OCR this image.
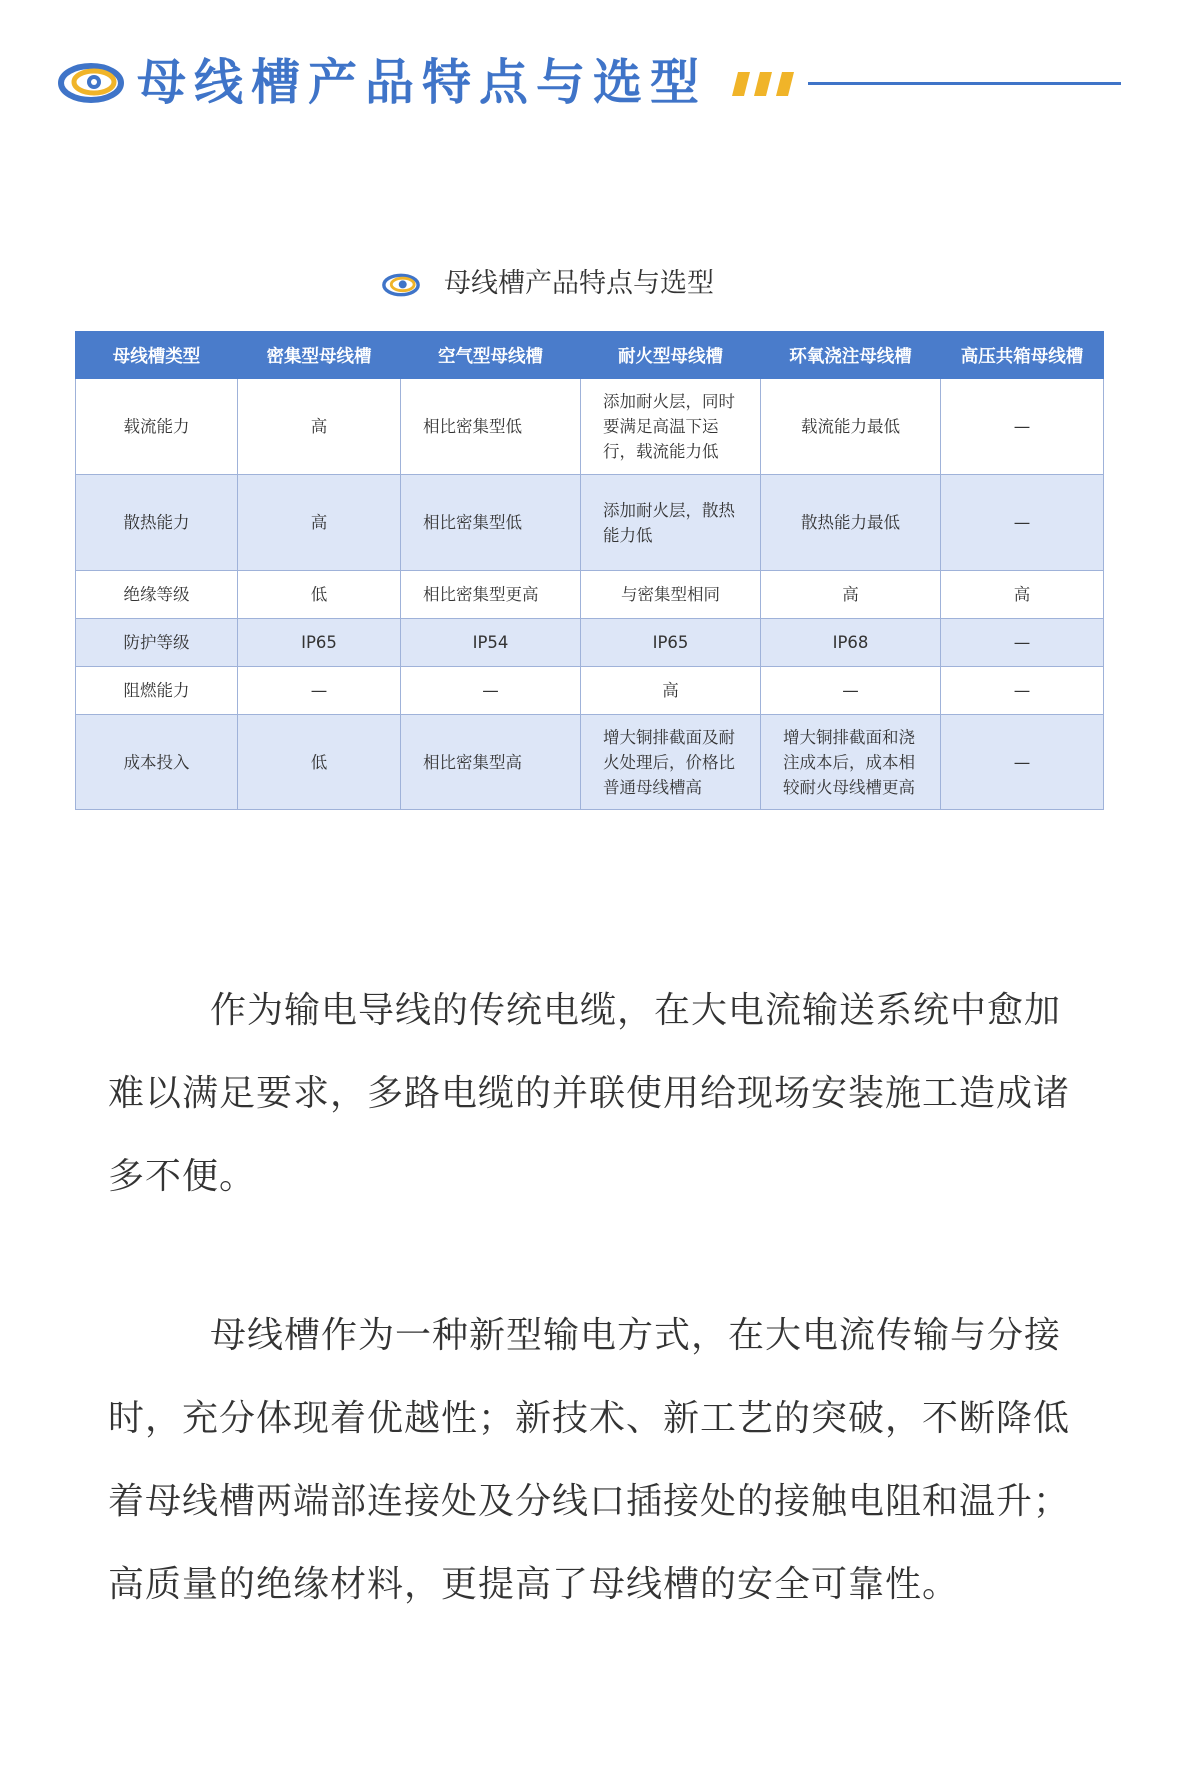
母线槽产品特点与选型
母线槽产品特点与选型
母线槽类型	密集型母线槽	空气型母线槽	耐火型母线槽	环氧浇注母线槽	高压共箱母线槽
载流能力	高	相比密集型低	添加耐火层，同时要满足高温下运行，载流能力低	载流能力最低	—
散热能力	高	相比密集型低	添加耐火层，散热能力低	散热能力最低	—
绝缘等级	低	相比密集型更高	与密集型相同	高	高
防护等级	IP65	IP54	IP65	IP68	—
阻燃能力	—	—	高	—	—
成本投入	低	相比密集型高	增大铜排截面及耐火处理后，价格比普通母线槽高	增大铜排截面和浇注成本后，成本相较耐火母线槽更高	—

作为输电导线的传统电缆，在大电流输送系统中愈加难以满足要求，多路电缆的并联使用给现场安装施工造成诸多不便。

母线槽作为一种新型输电方式，在大电流传输与分接时，充分体现着优越性；新技术、新工艺的突破，不断降低着母线槽两端部连接处及分线口插接处的接触电阻和温升；高质量的绝缘材料，更提高了母线槽的安全可靠性。
